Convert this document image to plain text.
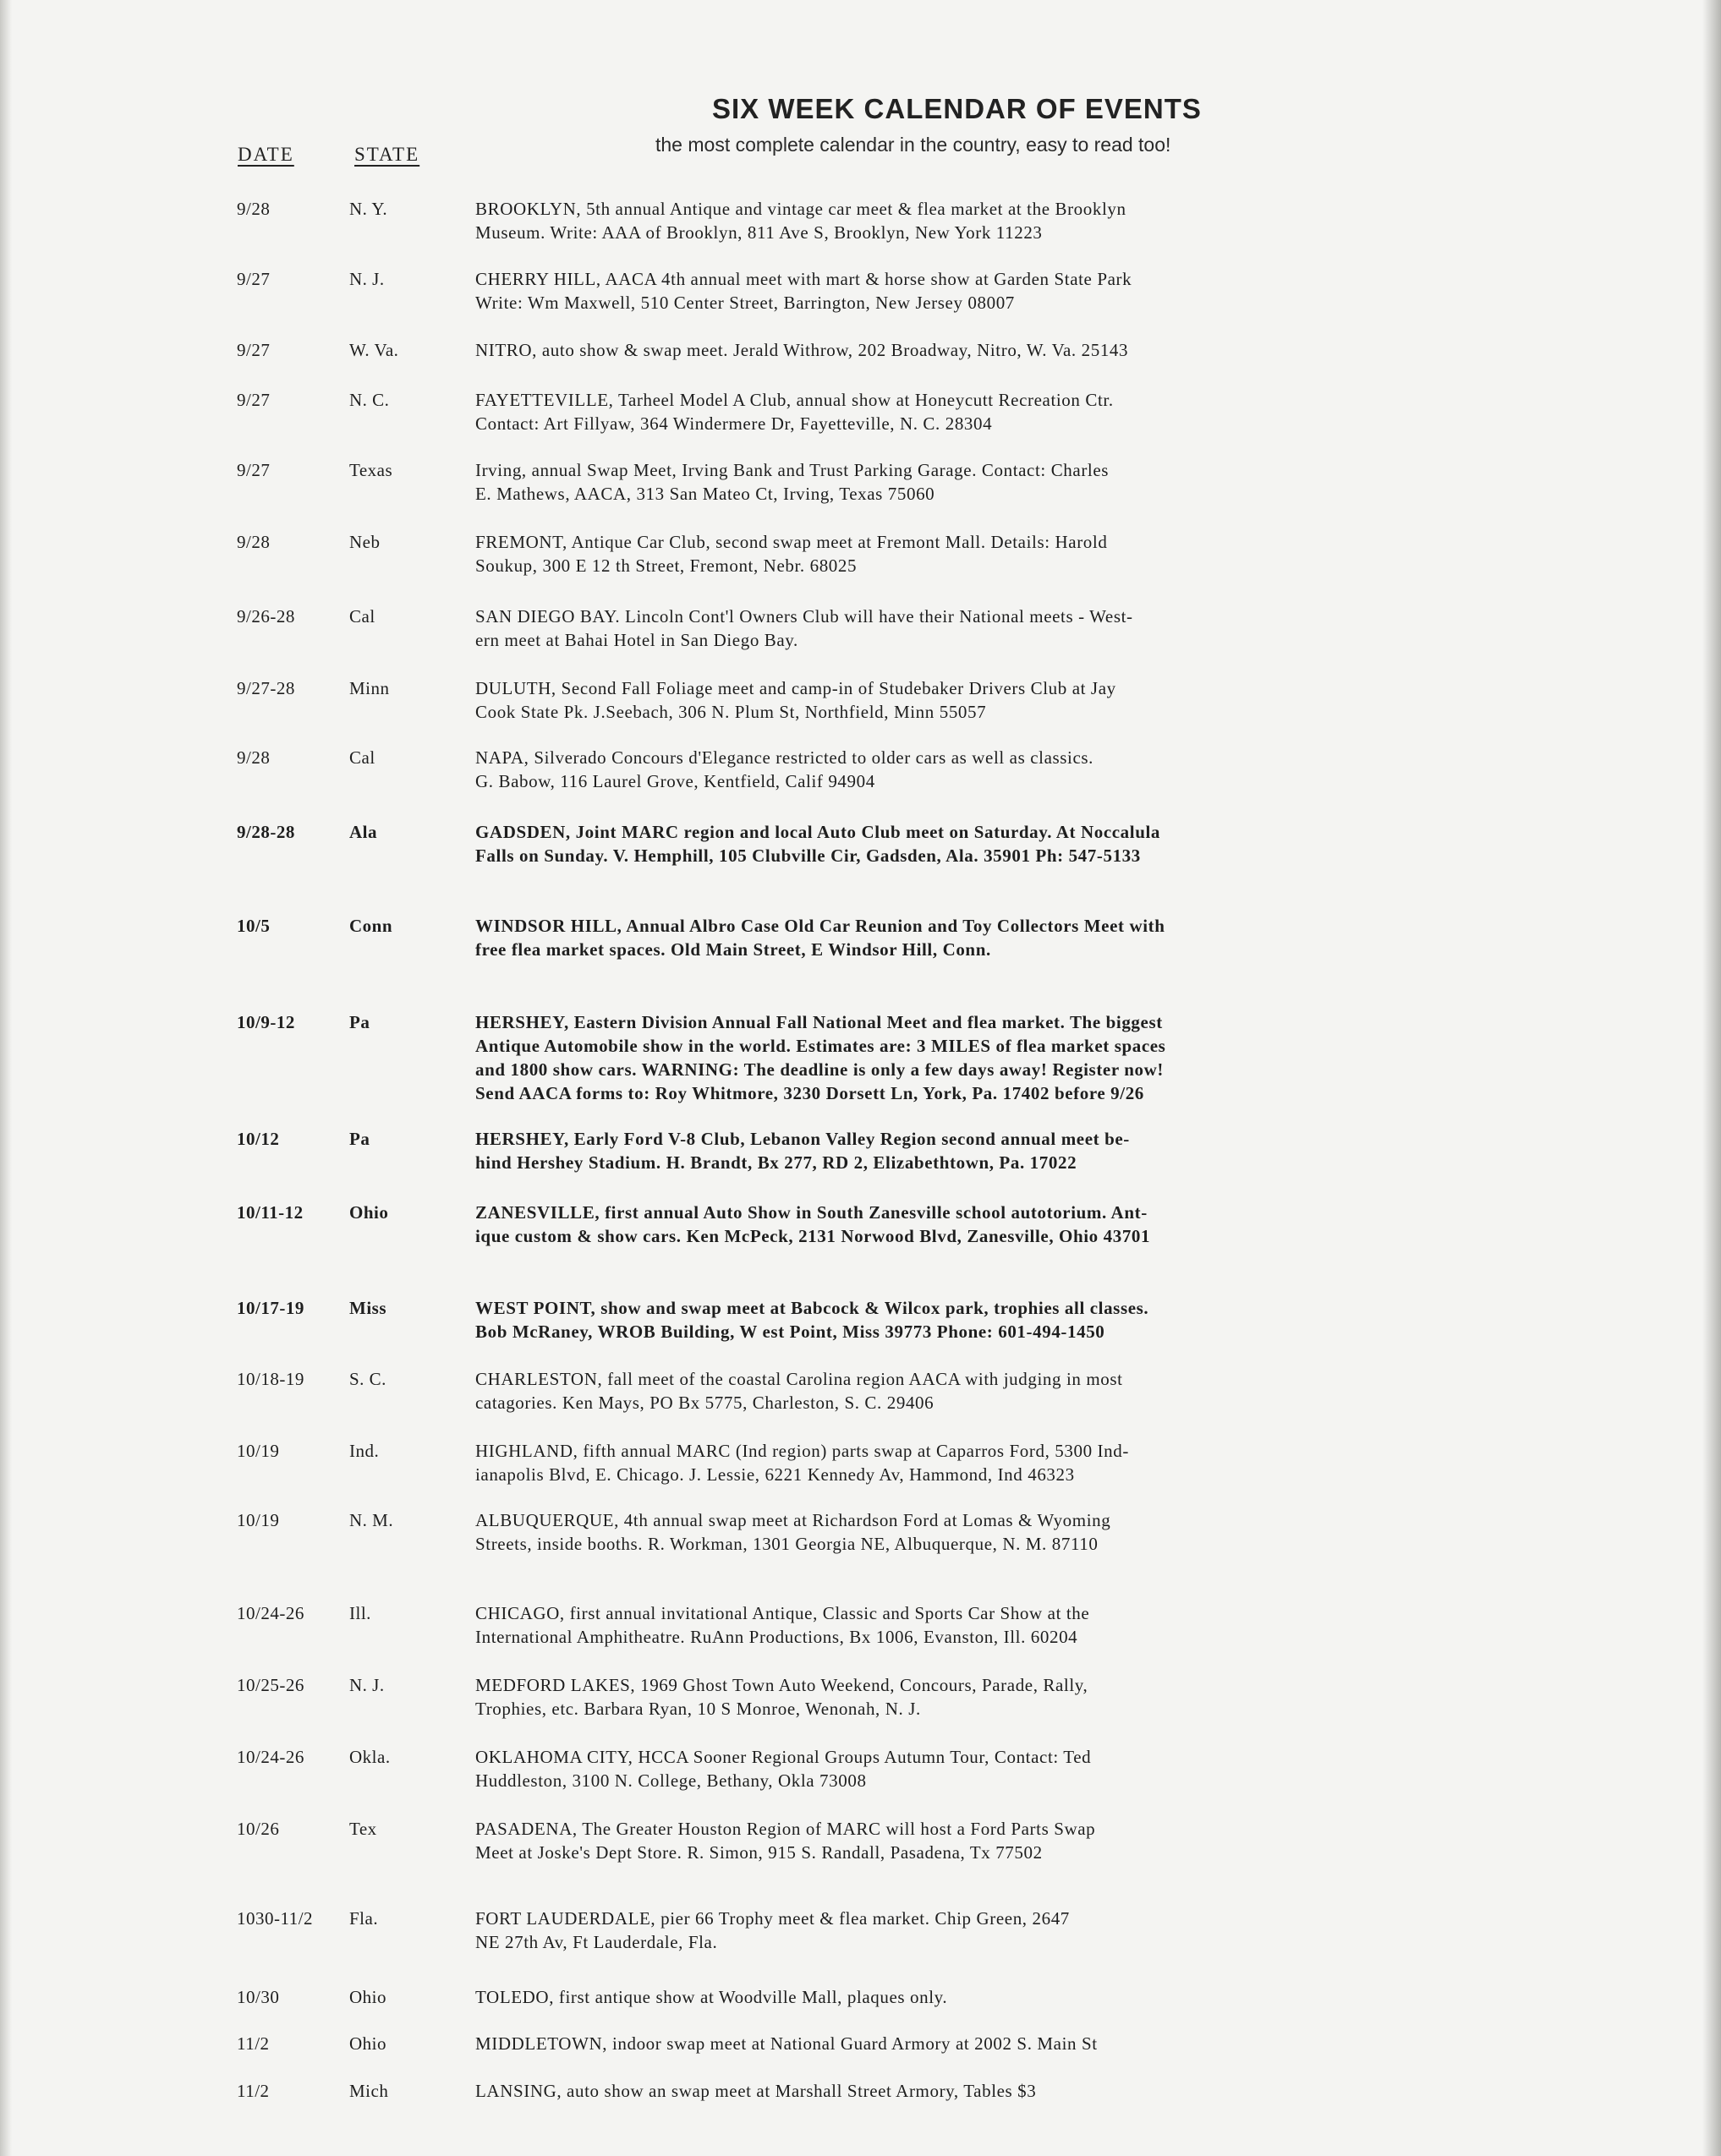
SIX WEEK CALENDAR OF EVENTS
the most complete calendar in the country, easy to read too!
DATE	STATE
9/28	N. Y.	BROOKLYN, 5th annual Antique and vintage car meet & flea market at the Brooklyn
Museum. Write: AAA of Brooklyn, 811 Ave S, Brooklyn, New York 11223
9/27	N. J.	CHERRY HILL, AACA 4th annual meet with mart & horse show at Garden State Park
Write: Wm Maxwell, 510 Center Street, Barrington, New Jersey 08007
9/27	W. Va.	NITRO, auto show & swap meet. Jerald Withrow, 202 Broadway, Nitro, W. Va. 25143
9/27	N. C.	FAYETTEVILLE, Tarheel Model A Club, annual show at Honeycutt Recreation Ctr.
Contact: Art Fillyaw, 364 Windermere Dr, Fayetteville, N. C. 28304
9/27	Texas	Irving, annual Swap Meet, Irving Bank and Trust Parking Garage. Contact: Charles
E. Mathews, AACA, 313 San Mateo Ct, Irving, Texas 75060
9/28	Neb	FREMONT, Antique Car Club, second swap meet at Fremont Mall. Details: Harold
Soukup, 300 E 12 th Street, Fremont, Nebr. 68025
9/26-28	Cal	SAN DIEGO BAY. Lincoln Cont'l Owners Club will have their National meets - West-
ern meet at Bahai Hotel in San Diego Bay.
9/27-28	Minn	DULUTH, Second Fall Foliage meet and camp-in of Studebaker Drivers Club at Jay
Cook State Pk. J.Seebach, 306 N. Plum St, Northfield, Minn 55057
9/28	Cal	NAPA, Silverado Concours d'Elegance restricted to older cars as well as classics.
G. Babow, 116 Laurel Grove, Kentfield, Calif 94904
9/28-28	Ala	GADSDEN, Joint MARC region and local Auto Club meet on Saturday. At Noccalula
Falls on Sunday. V. Hemphill, 105 Clubville Cir, Gadsden, Ala. 35901 Ph: 547-5133
10/5	Conn	WINDSOR HILL, Annual Albro Case Old Car Reunion and Toy Collectors Meet with
free flea market spaces. Old Main Street, E Windsor Hill, Conn.
10/9-12	Pa	HERSHEY, Eastern Division Annual Fall National Meet and flea market. The biggest
Antique Automobile show in the world. Estimates are: 3 MILES of flea market spaces
and 1800 show cars. WARNING: The deadline is only a few days away! Register now!
Send AACA forms to: Roy Whitmore, 3230 Dorsett Ln, York, Pa. 17402 before 9/26
10/12	Pa	HERSHEY, Early Ford V-8 Club, Lebanon Valley Region second annual meet be-
hind Hershey Stadium. H. Brandt, Bx 277, RD 2, Elizabethtown, Pa. 17022
10/11-12	Ohio	ZANESVILLE, first annual Auto Show in South Zanesville school autotorium. Ant-
ique custom & show cars. Ken McPeck, 2131 Norwood Blvd, Zanesville, Ohio 43701
10/17-19	Miss	WEST POINT, show and swap meet at Babcock & Wilcox park, trophies all classes.
Bob McRaney, WROB Building, W est Point, Miss 39773 Phone: 601-494-1450
10/18-19	S. C.	CHARLESTON, fall meet of the coastal Carolina region AACA with judging in most
catagories. Ken Mays, PO Bx 5775, Charleston, S. C. 29406
10/19	Ind.	HIGHLAND, fifth annual MARC (Ind region) parts swap at Caparros Ford, 5300 Ind-
ianapolis Blvd, E. Chicago. J. Lessie, 6221 Kennedy Av, Hammond, Ind 46323
10/19	N. M.	ALBUQUERQUE, 4th annual swap meet at Richardson Ford at Lomas & Wyoming
Streets, inside booths. R. Workman, 1301 Georgia NE, Albuquerque, N. M. 87110
10/24-26	Ill.	CHICAGO, first annual invitational Antique, Classic and Sports Car Show at the
International Amphitheatre. RuAnn Productions, Bx 1006, Evanston, Ill. 60204
10/25-26	N. J.	MEDFORD LAKES, 1969 Ghost Town Auto Weekend, Concours, Parade, Rally,
Trophies, etc. Barbara Ryan, 10 S Monroe, Wenonah, N. J.
10/24-26	Okla.	OKLAHOMA CITY, HCCA Sooner Regional Groups Autumn Tour, Contact: Ted
Huddleston, 3100 N. College, Bethany, Okla 73008
10/26	Tex	PASADENA, The Greater Houston Region of MARC will host a Ford Parts Swap
Meet at Joske's Dept Store. R. Simon, 915 S. Randall, Pasadena, Tx 77502
1030-11/2 Fla.	FORT LAUDERDALE, pier 66 Trophy meet & flea market. Chip Green, 2647
NE 27th Av, Ft Lauderdale, Fla.
10/30	Ohio	TOLEDO, first antique show at Woodville Mall, plaques only.
11/2	Ohio	MIDDLETOWN, indoor swap meet at National Guard Armory at 2002 S. Main St
11/2	Mich	LANSING, auto show an swap meet at Marshall Street Armory, Tables $3
